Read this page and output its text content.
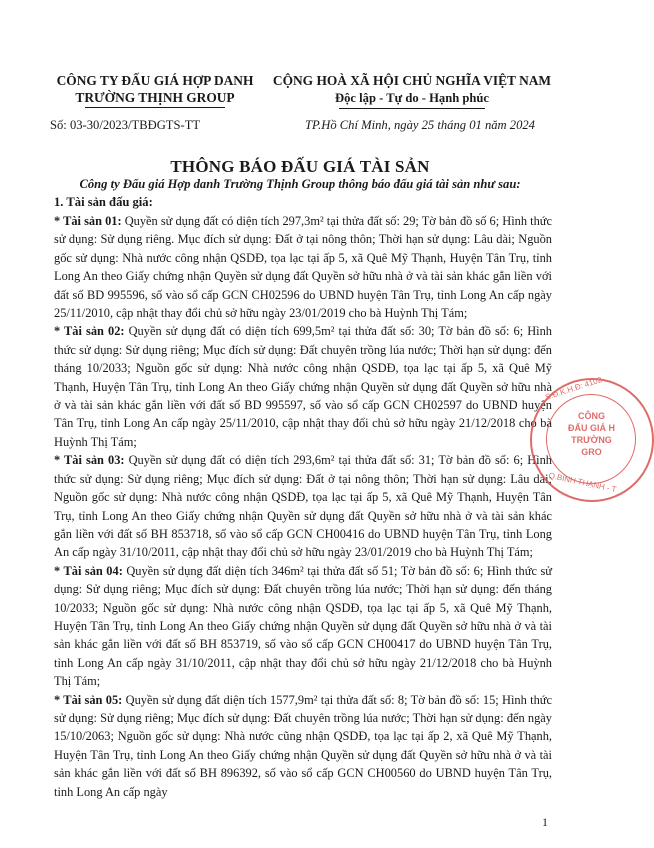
CÔNG TY ĐẤU GIÁ HỢP DANH
TRƯỜNG THỊNH GROUP
CỘNG HOÀ XÃ HỘI CHỦ NGHĨA VIỆT NAM
Độc lập - Tự do - Hạnh phúc
Số: 03-30/2023/TBĐGTS-TT	TP.Hồ Chí Minh, ngày 25 tháng 01 năm 2024
THÔNG BÁO ĐẤU GIÁ TÀI SẢN
Công ty Đấu giá Hợp danh Trường Thịnh Group thông báo đấu giá tài sản như sau:
1. Tài sản đấu giá:

* Tài sản 01: Quyền sử dụng đất có diện tích 297,3m² tại thửa đất số: 29; Tờ bản đồ số 6; Hình thức sử dụng: Sử dụng riêng. Mục đích sử dụng: Đất ở tại nông thôn; Thời hạn sử dụng: Lâu dài; Nguồn gốc sử dụng: Nhà nước công nhận QSDĐ, tọa lạc tại ấp 5, xã Quê Mỹ Thạnh, Huyện Tân Trụ, tỉnh Long An theo Giấy chứng nhận Quyền sử dụng đất Quyền sở hữu nhà ở và tài sản khác gắn liền với đất số BD 995596, số vào sổ cấp GCN CH02596 do UBND huyện Tân Trụ, tỉnh Long An cấp ngày 25/11/2010, cập nhật thay đổi chủ sở hữu ngày 23/01/2019 cho bà Huỳnh Thị Tám;

* Tài sản 02: Quyền sử dụng đất có diện tích 699,5m² tại thửa đất số: 30; Tờ bản đồ số: 6; Hình thức sử dụng: Sử dụng riêng; Mục đích sử dụng: Đất chuyên trồng lúa nước; Thời hạn sử dụng: đến tháng 10/2033; Nguồn gốc sử dụng: Nhà nước công nhận QSDĐ, tọa lạc tại ấp 5, xã Quê Mỹ Thạnh, Huyện Tân Trụ, tỉnh Long An theo Giấy chứng nhận Quyền sử dụng đất Quyền sở hữu nhà ở và tài sản khác gắn liền với đất số BD 995597, số vào sổ cấp GCN CH02597 do UBND huyện Tân Trụ, tỉnh Long An cấp ngày 25/11/2010, cập nhật thay đổi chủ sở hữu ngày 21/12/2018 cho bà Huỳnh Thị Tám;

* Tài sản 03: Quyền sử dụng đất có diện tích 293,6m² tại thửa đất số: 31; Tờ bản đồ số: 6; Hình thức sử dụng: Sử dụng riêng; Mục đích sử dụng: Đất ở tại nông thôn; Thời hạn sử dụng: Lâu dài; Nguồn gốc sử dụng: Nhà nước công nhận QSDĐ, tọa lạc tại ấp 5, xã Quê Mỹ Thạnh, Huyện Tân Trụ, tỉnh Long An theo Giấy chứng nhận Quyền sử dụng đất Quyền sở hữu nhà ở và tài sản khác gắn liền với đất số BH 853718, số vào sổ cấp GCN CH00416 do UBND huyện Tân Trụ, tỉnh Long An cấp ngày 31/10/2011, cập nhật thay đổi chủ sở hữu ngày 23/01/2019 cho bà Huỳnh Thị Tám;

* Tài sản 04: Quyền sử dụng đất diện tích 346m² tại thửa đất số 51; Tờ bản đồ số: 6; Hình thức sử dụng: Sử dụng riêng; Mục đích sử dụng: Đất chuyên trồng lúa nước; Thời hạn sử dụng: đến tháng 10/2033; Nguồn gốc sử dụng: Nhà nước công nhận QSDĐ, tọa lạc tại ấp 5, xã Quê Mỹ Thạnh, Huyện Tân Trụ, tỉnh Long An theo Giấy chứng nhận Quyền sử dụng đất Quyền sở hữu nhà ở và tài sản khác gắn liền với đất số BH 853719, số vào sổ cấp GCN CH00417 do UBND huyện Tân Trụ, tỉnh Long An cấp ngày 31/10/2011, cập nhật thay đổi chủ sở hữu ngày 21/12/2018 cho bà Huỳnh Thị Tám;

* Tài sản 05: Quyền sử dụng đất diện tích 1577,9m² tại thửa đất số: 8; Tờ bản đồ số: 15; Hình thức sử dụng: Sử dụng riêng; Mục đích sử dụng: Đất chuyên trồng lúa nước; Thời hạn sử dụng: đến ngày 15/10/2063; Nguồn gốc sử dụng: Nhà nước cũng nhận QSDĐ, tọa lạc tại ấp 2, xã Quê Mỹ Thạnh, Huyện Tân Trụ, tỉnh Long An theo Giấy chứng nhận Quyền sử dụng đất Quyền sở hữu nhà ở và tài sản khác gắn liền với đất số BH 896392, số vào sổ cấp GCN CH00560 do UBND huyện Tân Trụ, tỉnh Long An cấp ngày

S.Đ.K.H.Đ: 4102
CÔNG
ĐẤU GIÁ H
TRƯỜNG
GRO
Q.BÌNH THẠNH - T
1
